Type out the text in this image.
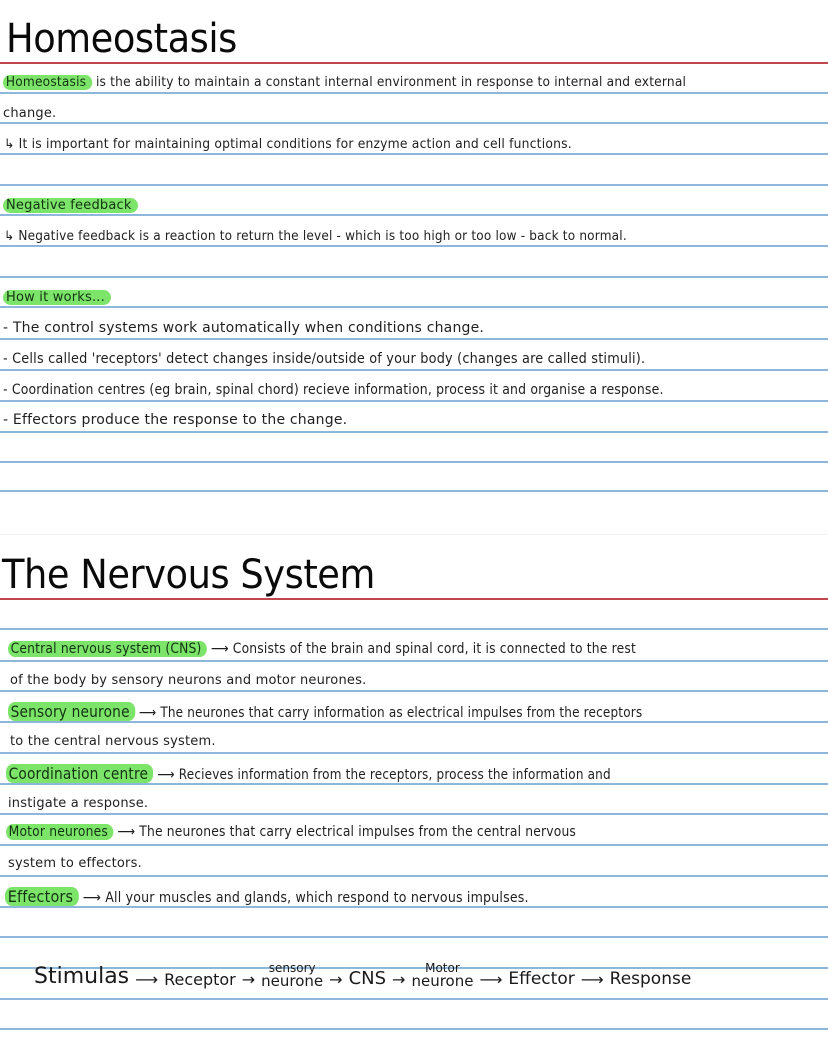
Homeostasis
Homeostasis is the ability to maintain a constant internal environment in response to internal and external
change.
↳ It is important for maintaining optimal conditions for enzyme action and cell functions.
Negative feedback
↳ Negative feedback is a reaction to return the level - which is too high or too low - back to normal.
How it works...
- The control systems work automatically when conditions change.
- Cells called 'receptors' detect changes inside/outside of your body (changes are called stimuli).
- Coordination centres (eg brain, spinal chord) recieve information, process it and organise a response.
- Effectors produce the response to the change.
The Nervous System
Central nervous system (CNS) ⟶ Consists of the brain and spinal cord, it is connected to the rest
of the body by sensory neurons and motor neurones.
Sensory neurone ⟶ The neurones that carry information as electrical impulses from the receptors
to the central nervous system.
Coordination centre ⟶ Recieves information from the receptors, process the information and
instigate a response.
Motor neurones ⟶ The neurones that carry electrical impulses from the central nervous
system to effectors.
Effectors ⟶ All your muscles and glands, which respond to nervous impulses.
Stimulas ⟶ Receptor →
sensory
neurone → CNS →
Motor
neurone ⟶ Effector ⟶ Response
